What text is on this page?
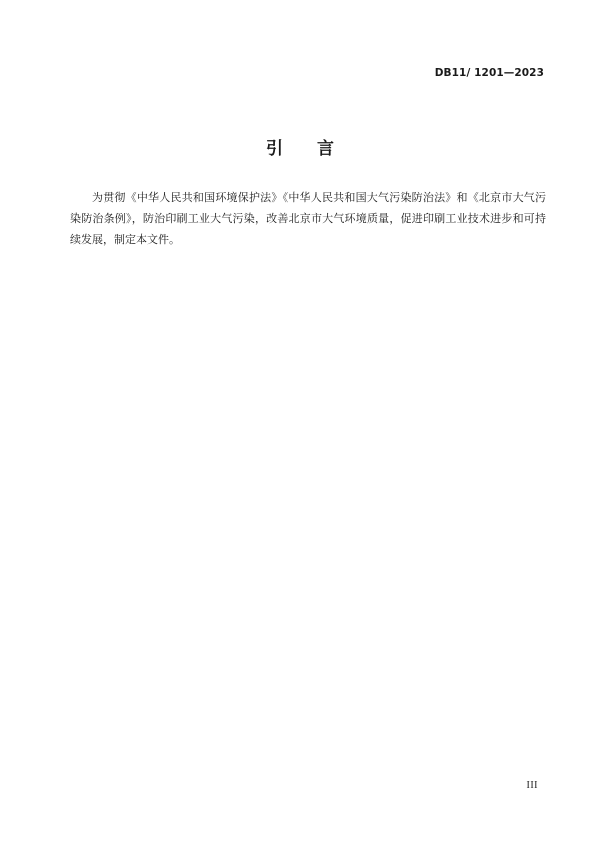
DB11/ 1201—2023
引言

为贯彻《中华人民共和国环境保护法》《中华人民共和国大气污染防治法》和《北京市大气污染防治条例》，防治印刷工业大气污染，改善北京市大气环境质量，促进印刷工业技术进步和可持续发展，制定本文件。

III
